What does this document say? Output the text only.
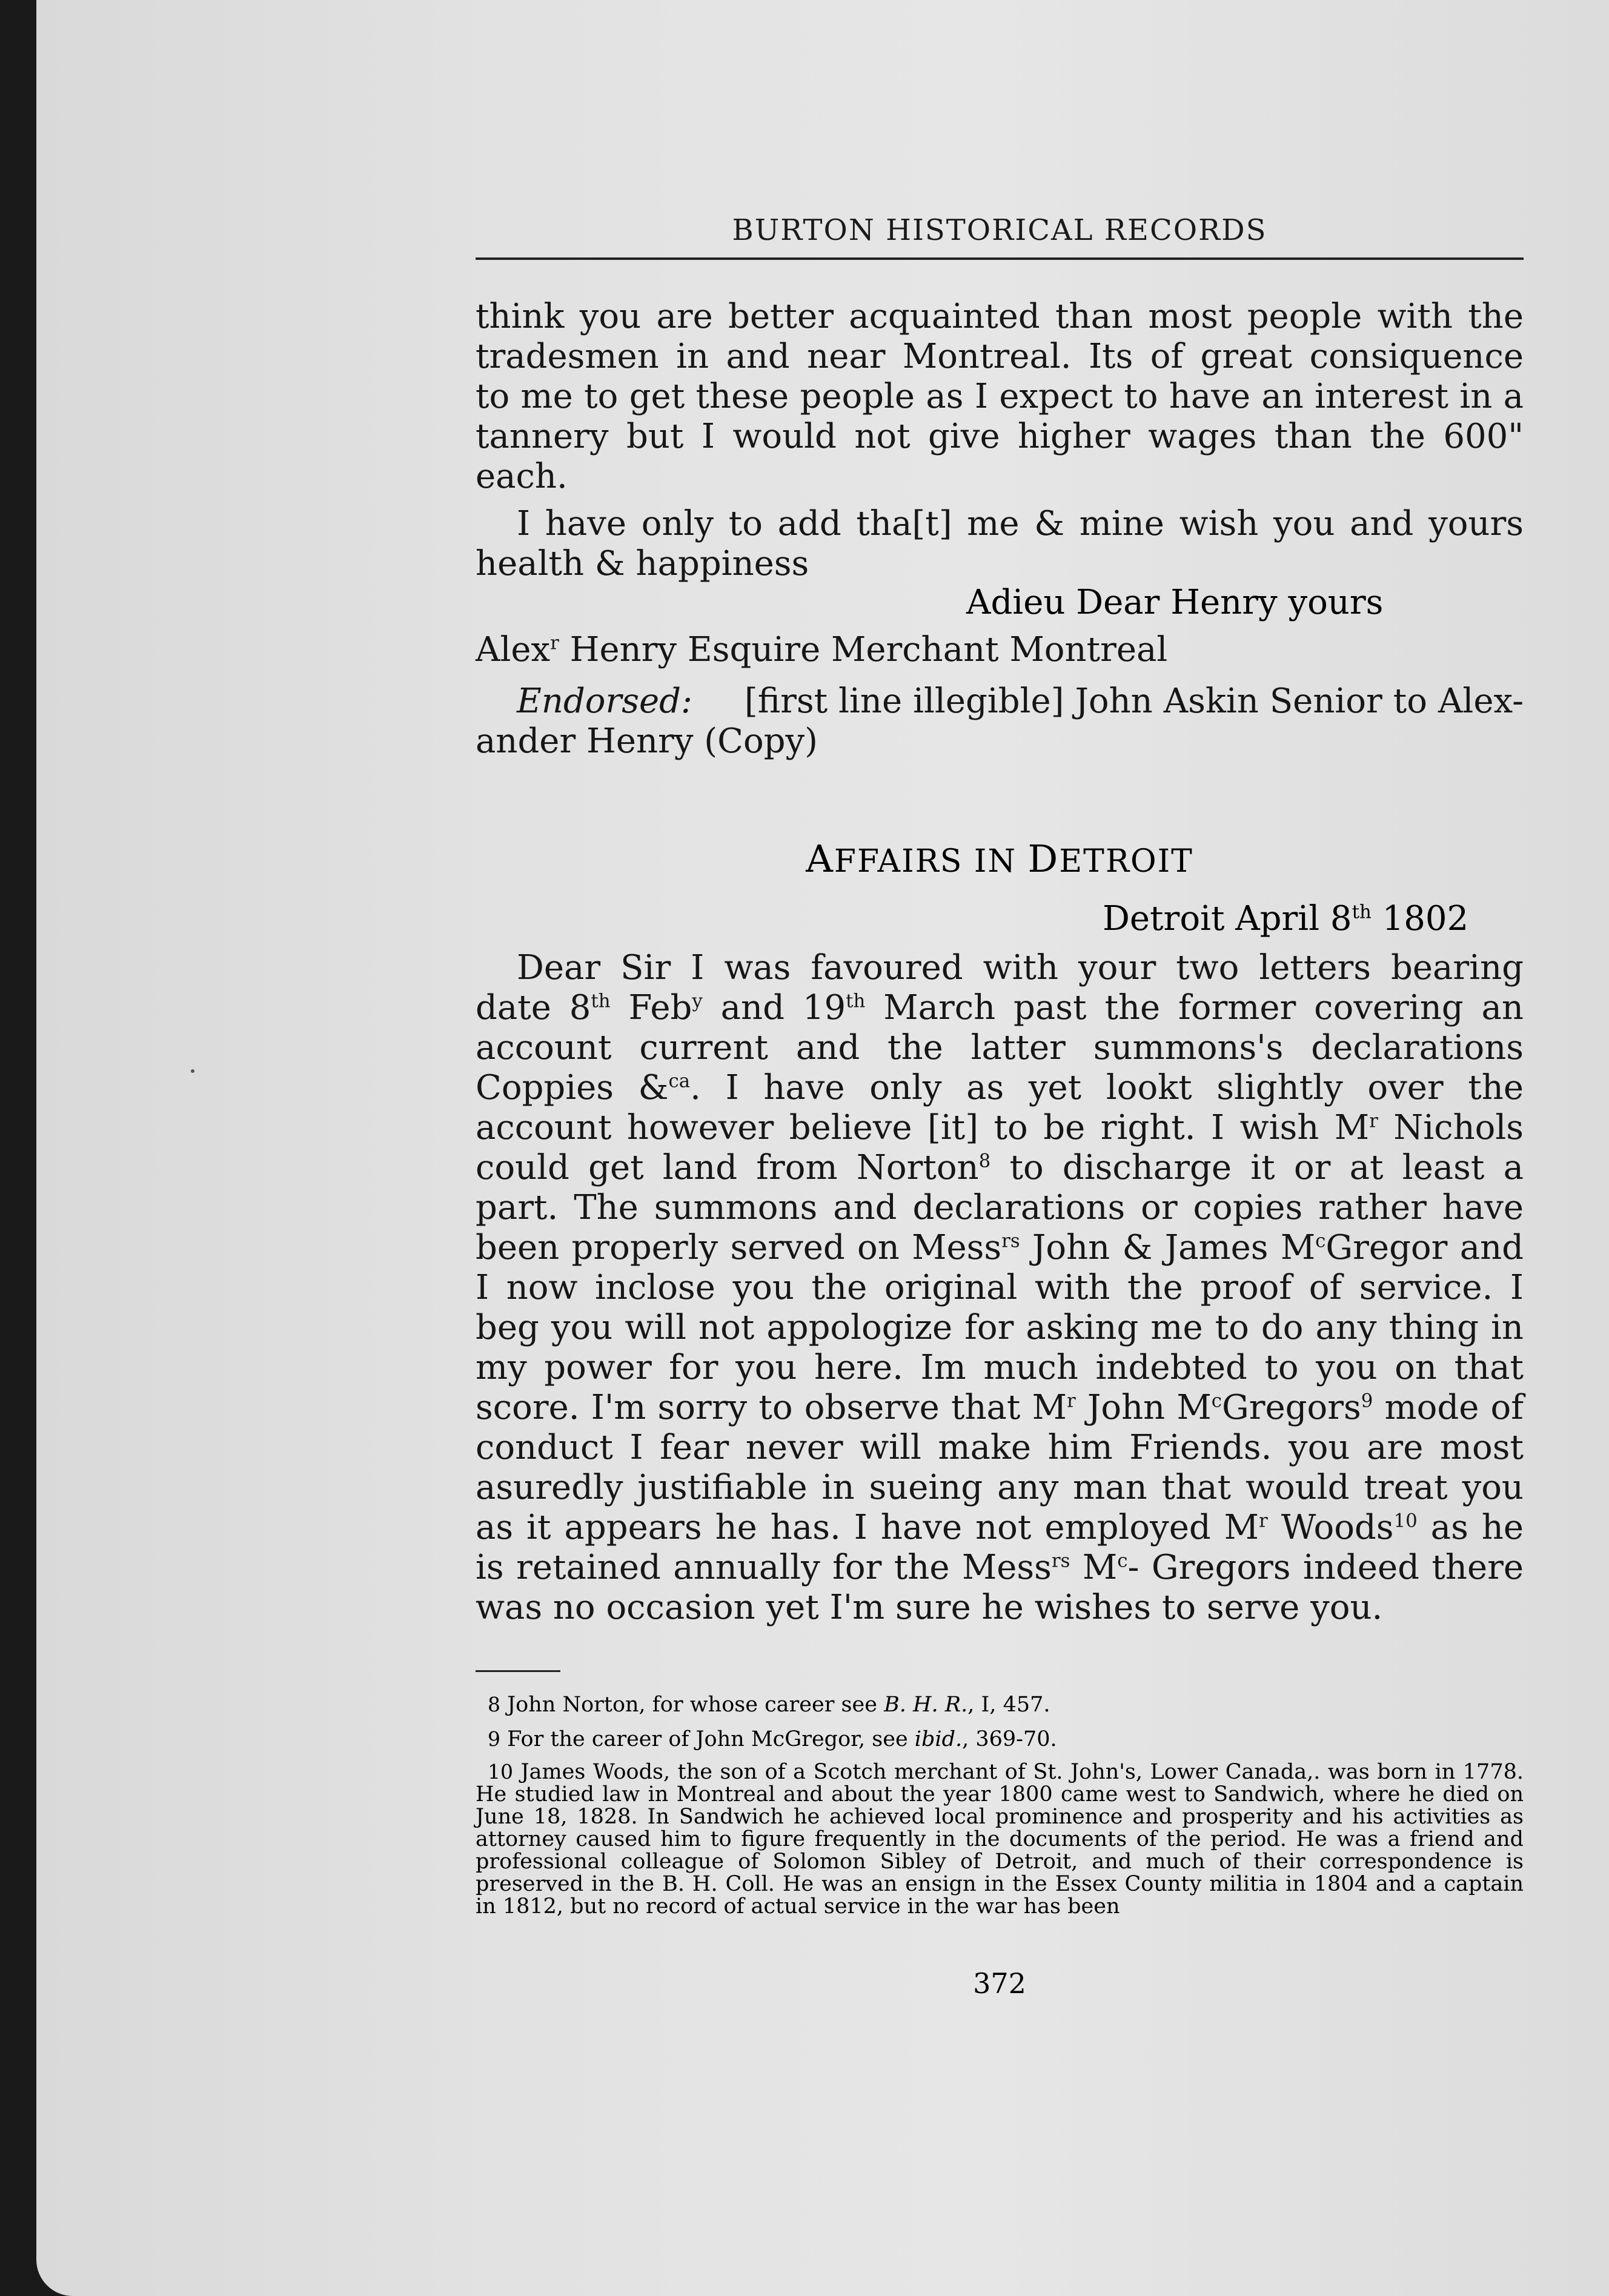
BURTON HISTORICAL RECORDS

think you are better acquainted than most people with the

tradesmen in and near Montreal. Its of great consiquence

to me to get these people as I expect to have an interest in a

tannery but I would not give higher wages than the 600"

each.

I have only to add tha[t] me & mine wish you and yours health & happiness

Adieu Dear Henry yours
Alex$^r$ Henry Esquire Merchant Montreal

Endorsed: [first line illegible] John Askin Senior to Alex- ander Henry (Copy)

AFFAIRS IN DETROIT
Detroit April 8th 1802

Dear Sir I was favoured with your two letters bearing date 8th Feb$^y$ and 19th March past the former covering an account current and the latter summons's declarations Coppies &$^{ca}$. I have only as yet lookt slightly over the account however believe [it] to be right. I wish $M^r$ Nichols could get land from Norton$^8$ to discharge it or at least a part. The summons and declarations or copies rather have been properly served on Mess$^{rs}$ John & James $M^cGregor$ and I now inclose you the original with the proof of service. I beg you will not appologize for asking me to do any thing in my power for you here. Im much indebted to you on that score. I'm sorry to observe that $M^r$ John $M^cGregors^9$ mode of conduct I fear never will make him Friends. you are most asuredly justifiable in sueing any man that would treat you as it appears he has. I have not employed $M^r$ Woods$^{10}$ as he is retained annually for the Mess$^{rs}$ $M^c-$ Gregors indeed there was no occasion yet I'm sure he wishes to serve you.

8 John Norton, for whose career see B. H. R., I, 457.
9 For the career of John McGregor, see ibid., 369-70.
10 James Woods, the son of a Scotch merchant of St. John's, Lower Canada,. was born in 1778. He studied law in Montreal and about the year 1800 came west to Sandwich, where he died on June 18, 1828. In Sandwich he achieved local prominence and prosperity and his activities as attorney caused him to figure frequently in the documents of the period. He was a friend and professional colleague of Solomon Sibley of Detroit, and much of their correspondence is preserved in the B. H. Coll. He was an ensign in the Essex County militia in 1804 and a captain in 1812, but no record of actual service in the war has been
372
